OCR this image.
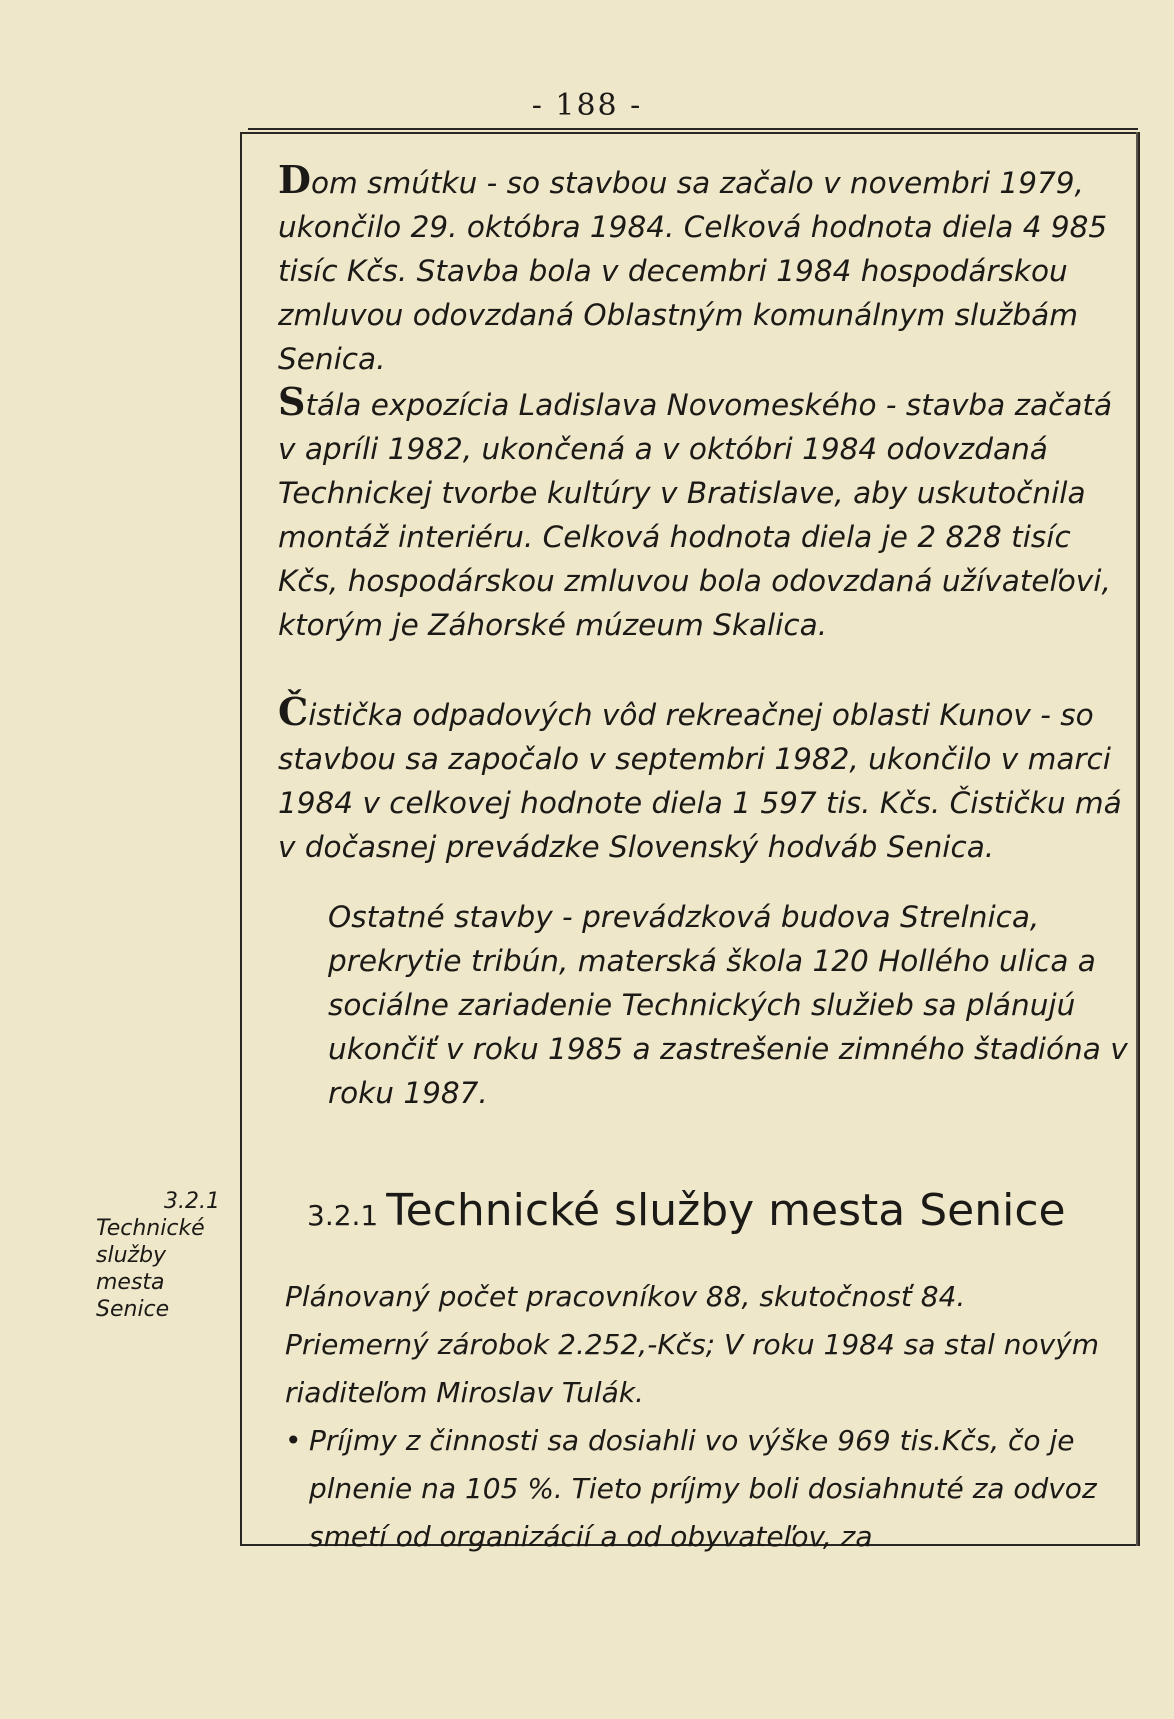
- 188 -

Dom smútku - so stavbou sa začalo v novembri 1979, ukončilo 29. októbra 1984. Celková hodnota diela 4 985 tisíc Kčs. Stavba bola v decembri 1984 hospodárskou zmluvou odovzdaná Oblastným komunálnym službám Senica.

Stála expozícia Ladislava Novomeského - stavba začatá v apríli 1982, ukončená a v októbri 1984 odovzdaná Technickej tvorbe kultúry v Bratislave, aby uskutočnila montáž interiéru. Celková hodnota diela je 2 828 tisíc Kčs, hospodárskou zmluvou bola odovzdaná užívateľovi, ktorým je Záhorské múzeum Skalica.

Čistička odpadových vôd rekreačnej oblasti Kunov - so stavbou sa započalo v septembri 1982, ukončilo v marci 1984 v celkovej hodnote diela 1 597 tis. Kčs. Čističku má v dočasnej prevádzke Slovenský hodváb Senica.

Ostatné stavby - prevádzková budova Strelnica, prekrytie tribún, materská škola 120 Hollého ulica a sociálne zariadenie Technických služieb sa plánujú ukončiť v roku 1985 a zastrešenie zimného štadióna v roku 1987.

3.2.1
Technické
služby
mesta
Senice
3.2.1 Technické služby mesta Senice

Plánovaný počet pracovníkov 88, skutočnosť 84.

Priemerný zárobok 2.252,-Kčs; V roku 1984 sa stal novým riaditeľom Miroslav Tulák.

• Príjmy z činnosti sa dosiahli vo výške 969 tis.Kčs, čo je plnenie na 105 %. Tieto príjmy boli dosiahnuté za odvoz smetí od organizácií a od obyvateľov, za
